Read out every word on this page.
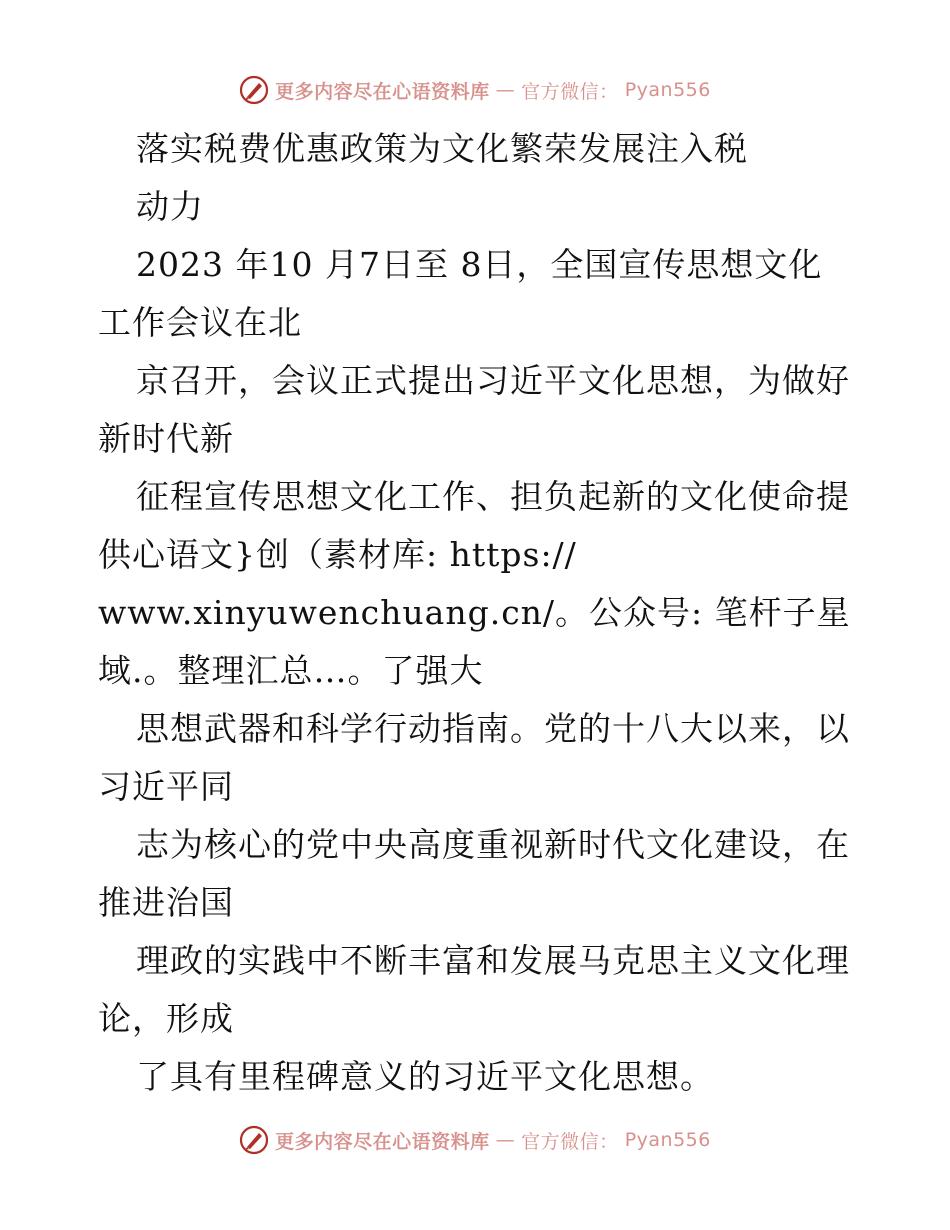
更多内容尽在心语资料库 — 官方微信： Pyan556
落实税费优惠政策为文化繁荣发展注入税
动力
2023 年10 月7日至 8日，全国宣传思想文化
工作会议在北
京召开，会议正式提出习近平文化思想，为做好
新时代新
征程宣传思想文化工作、担负起新的文化使命提
供心语文}创（素材库: https://
www.xinyuwenchuang.cn/。公众号: 笔杆子星
域.。整理汇总…。了强大
思想武器和科学行动指南。党的十八大以来，以
习近平同
志为核心的党中央高度重视新时代文化建设，在
推进治国
理政的实践中不断丰富和发展马克思主义文化理
论，形成
了具有里程碑意义的习近平文化思想。
更多内容尽在心语资料库 — 官方微信： Pyan556
